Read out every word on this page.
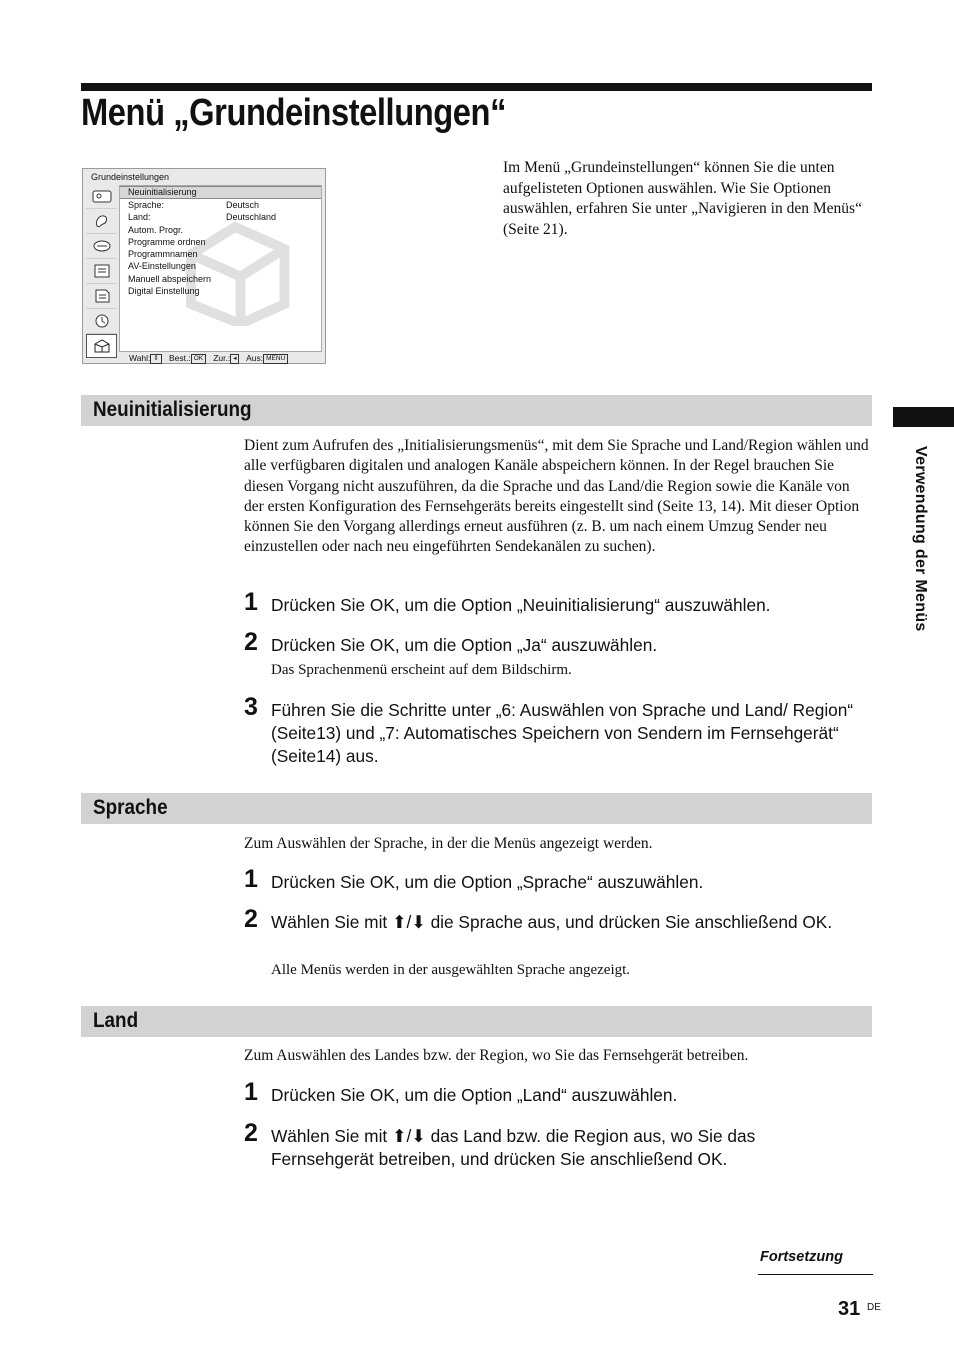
Menü „Grundeinstellungen“

Im Menü „Grundeinstellungen“ können Sie die unten aufgelisteten Optionen auswählen. Wie Sie Optionen auswählen, erfahren Sie unter „Navigieren in den Menüs“ (Seite 21).

Grundeinstellungen
Neuinitialisierung
Sprache:	Deutsch
Land:	Deutschland
Autom. Progr.
Programme ordnen
Programmnamen
AV-Einstellungen
Manuell abspeichern
Digital Einstellung
Wahl: ⇕ Best.: OK Zur.: ◂ Aus: MENU
Neuinitialisierung

Dient zum Aufrufen des „Initialisierungsmenüs“, mit dem Sie Sprache und Land/Region wählen und alle verfügbaren digitalen und analogen Kanäle abspeichern können. In der Regel brauchen Sie diesen Vorgang nicht auszuführen, da die Sprache und das Land/die Region sowie die Kanäle von der ersten Konfiguration des Fernsehgeräts bereits eingestellt sind (Seite 13, 14). Mit dieser Option können Sie den Vorgang allerdings erneut ausführen (z. B. um nach einem Umzug Sender neu einzustellen oder nach neu eingeführten Sendekanälen zu suchen).

1 Drücken Sie OK, um die Option „Neuinitialisierung“ auszuwählen.
2 Drücken Sie OK, um die Option „Ja“ auszuwählen.
Das Sprachenmenü erscheint auf dem Bildschirm.
3 Führen Sie die Schritte unter „6: Auswählen von Sprache und Land/ Region“ (Seite13) und „7: Automatisches Speichern von Sendern im Fernsehgerät“ (Seite14) aus.
Sprache

Zum Auswählen der Sprache, in der die Menüs angezeigt werden.

1 Drücken Sie OK, um die Option „Sprache“ auszuwählen.
2 Wählen Sie mit ⬆/⬇ die Sprache aus, und drücken Sie anschließend OK.
Alle Menüs werden in der ausgewählten Sprache angezeigt.
Land

Zum Auswählen des Landes bzw. der Region, wo Sie das Fernsehgerät betreiben.

1 Drücken Sie OK, um die Option „Land“ auszuwählen.
2 Wählen Sie mit ⬆/⬇ das Land bzw. die Region aus, wo Sie das Fernsehgerät betreiben, und drücken Sie anschließend OK.
Verwendung der Menüs
Fortsetzung
31 DE
